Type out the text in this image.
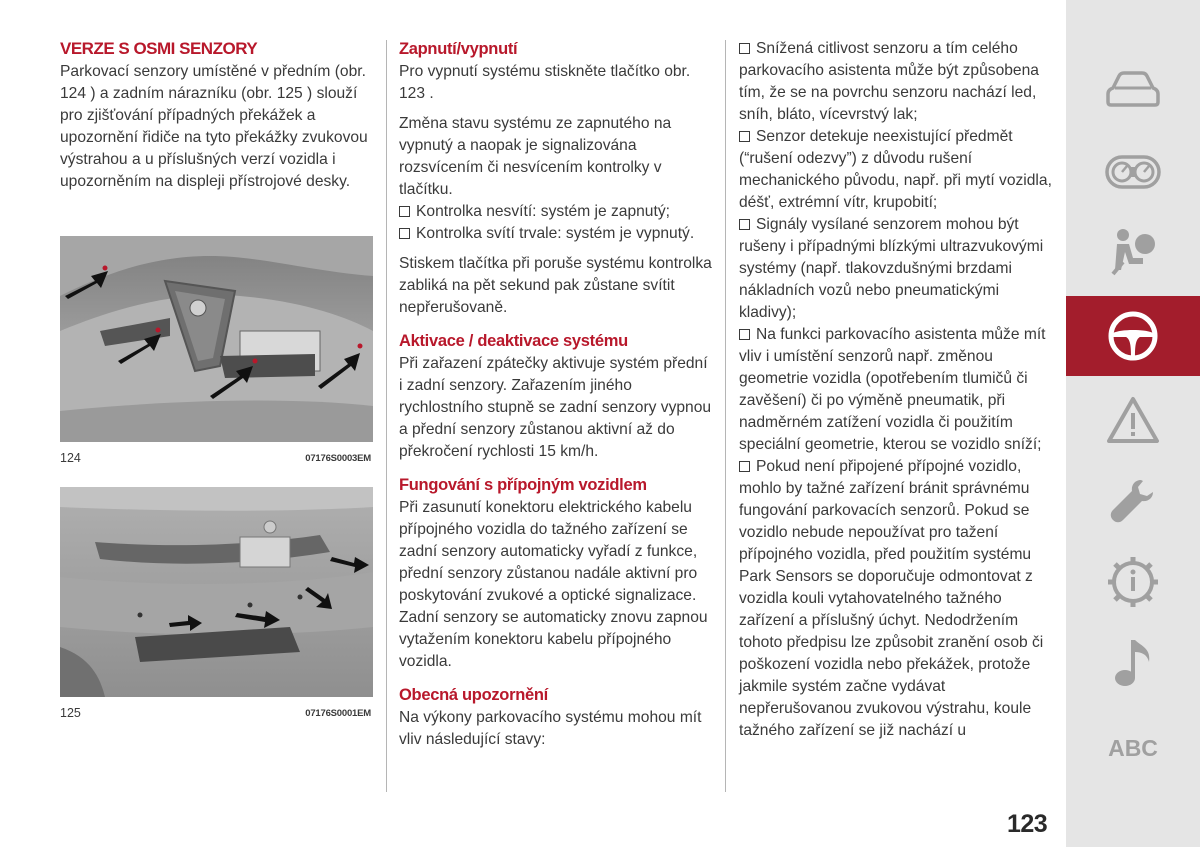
VERZE S OSMI SENZORY

Parkovací senzory umístěné v předním (obr. 124 ) a zadním nárazníku (obr. 125 ) slouží pro zjišťování případných překážek a upozornění řidiče na tyto překážky zvukovou výstrahou a u příslušných verzí vozidla i upozorněním na displeji přístrojové desky.

124	07176S0003EM
125	07176S0001EM
Zapnutí/vypnutí

Pro vypnutí systému stiskněte tlačítko obr. 123 .

Změna stavu systému ze zapnutého na vypnutý a naopak je signalizována rozsvícením či nesvícením kontrolky v tlačítku.

Kontrolka nesvítí: systém je zapnutý;
Kontrolka svítí trvale: systém je vypnutý.

Stiskem tlačítka při poruše systému kontrolka zabliká na pět sekund pak zůstane svítit nepřerušovaně.

Aktivace / deaktivace systému

Při zařazení zpátečky aktivuje systém přední i zadní senzory. Zařazením jiného rychlostního stupně se zadní senzory vypnou a přední senzory zůstanou aktivní až do překročení rychlosti 15 km/h.

Fungování s přípojným vozidlem

Při zasunutí konektoru elektrického kabelu přípojného vozidla do tažného zařízení se zadní senzory automaticky vyřadí z funkce, přední senzory zůstanou nadále aktivní pro poskytování zvukové a optické signalizace. Zadní senzory se automaticky znovu zapnou vytažením konektoru kabelu přípojného vozidla.

Obecná upozornění

Na výkony parkovacího systému mohou mít vliv následující stavy:

Snížená citlivost senzoru a tím celého parkovacího asistenta může být způsobena tím, že se na povrchu senzoru nachází led, sníh, bláto, vícevrstvý lak;
Senzor detekuje neexistující předmět (“rušení odezvy”) z důvodu rušení mechanického původu, např. při mytí vozidla, déšť, extrémní vítr, krupobití;
Signály vysílané senzorem mohou být rušeny i případnými blízkými ultrazvukovými systémy (např. tlakovzdušnými brzdami nákladních vozů nebo pneumatickými kladivy);
Na funkci parkovacího asistenta může mít vliv i umístění senzorů např. změnou geometrie vozidla (opotřebením tlumičů či zavěšení) či po výměně pneumatik, při nadměrném zatížení vozidla či použitím speciální geometrie, kterou se vozidlo sníží;
Pokud není připojené přípojné vozidlo, mohlo by tažné zařízení bránit správnému fungování parkovacích senzorů. Pokud se vozidlo nebude nepoužívat pro tažení přípojného vozidla, před použitím systému Park Sensors se doporučuje odmontovat z vozidla kouli vytahovatelného tažného zařízení a příslušný úchyt. Nedodržením tohoto předpisu lze způsobit zranění osob či poškození vozidla nebo překážek, protože jakmile systém začne vydávat nepřerušovanou zvukovou výstrahu, koule tažného zařízení se již nachází u
123
ABC
